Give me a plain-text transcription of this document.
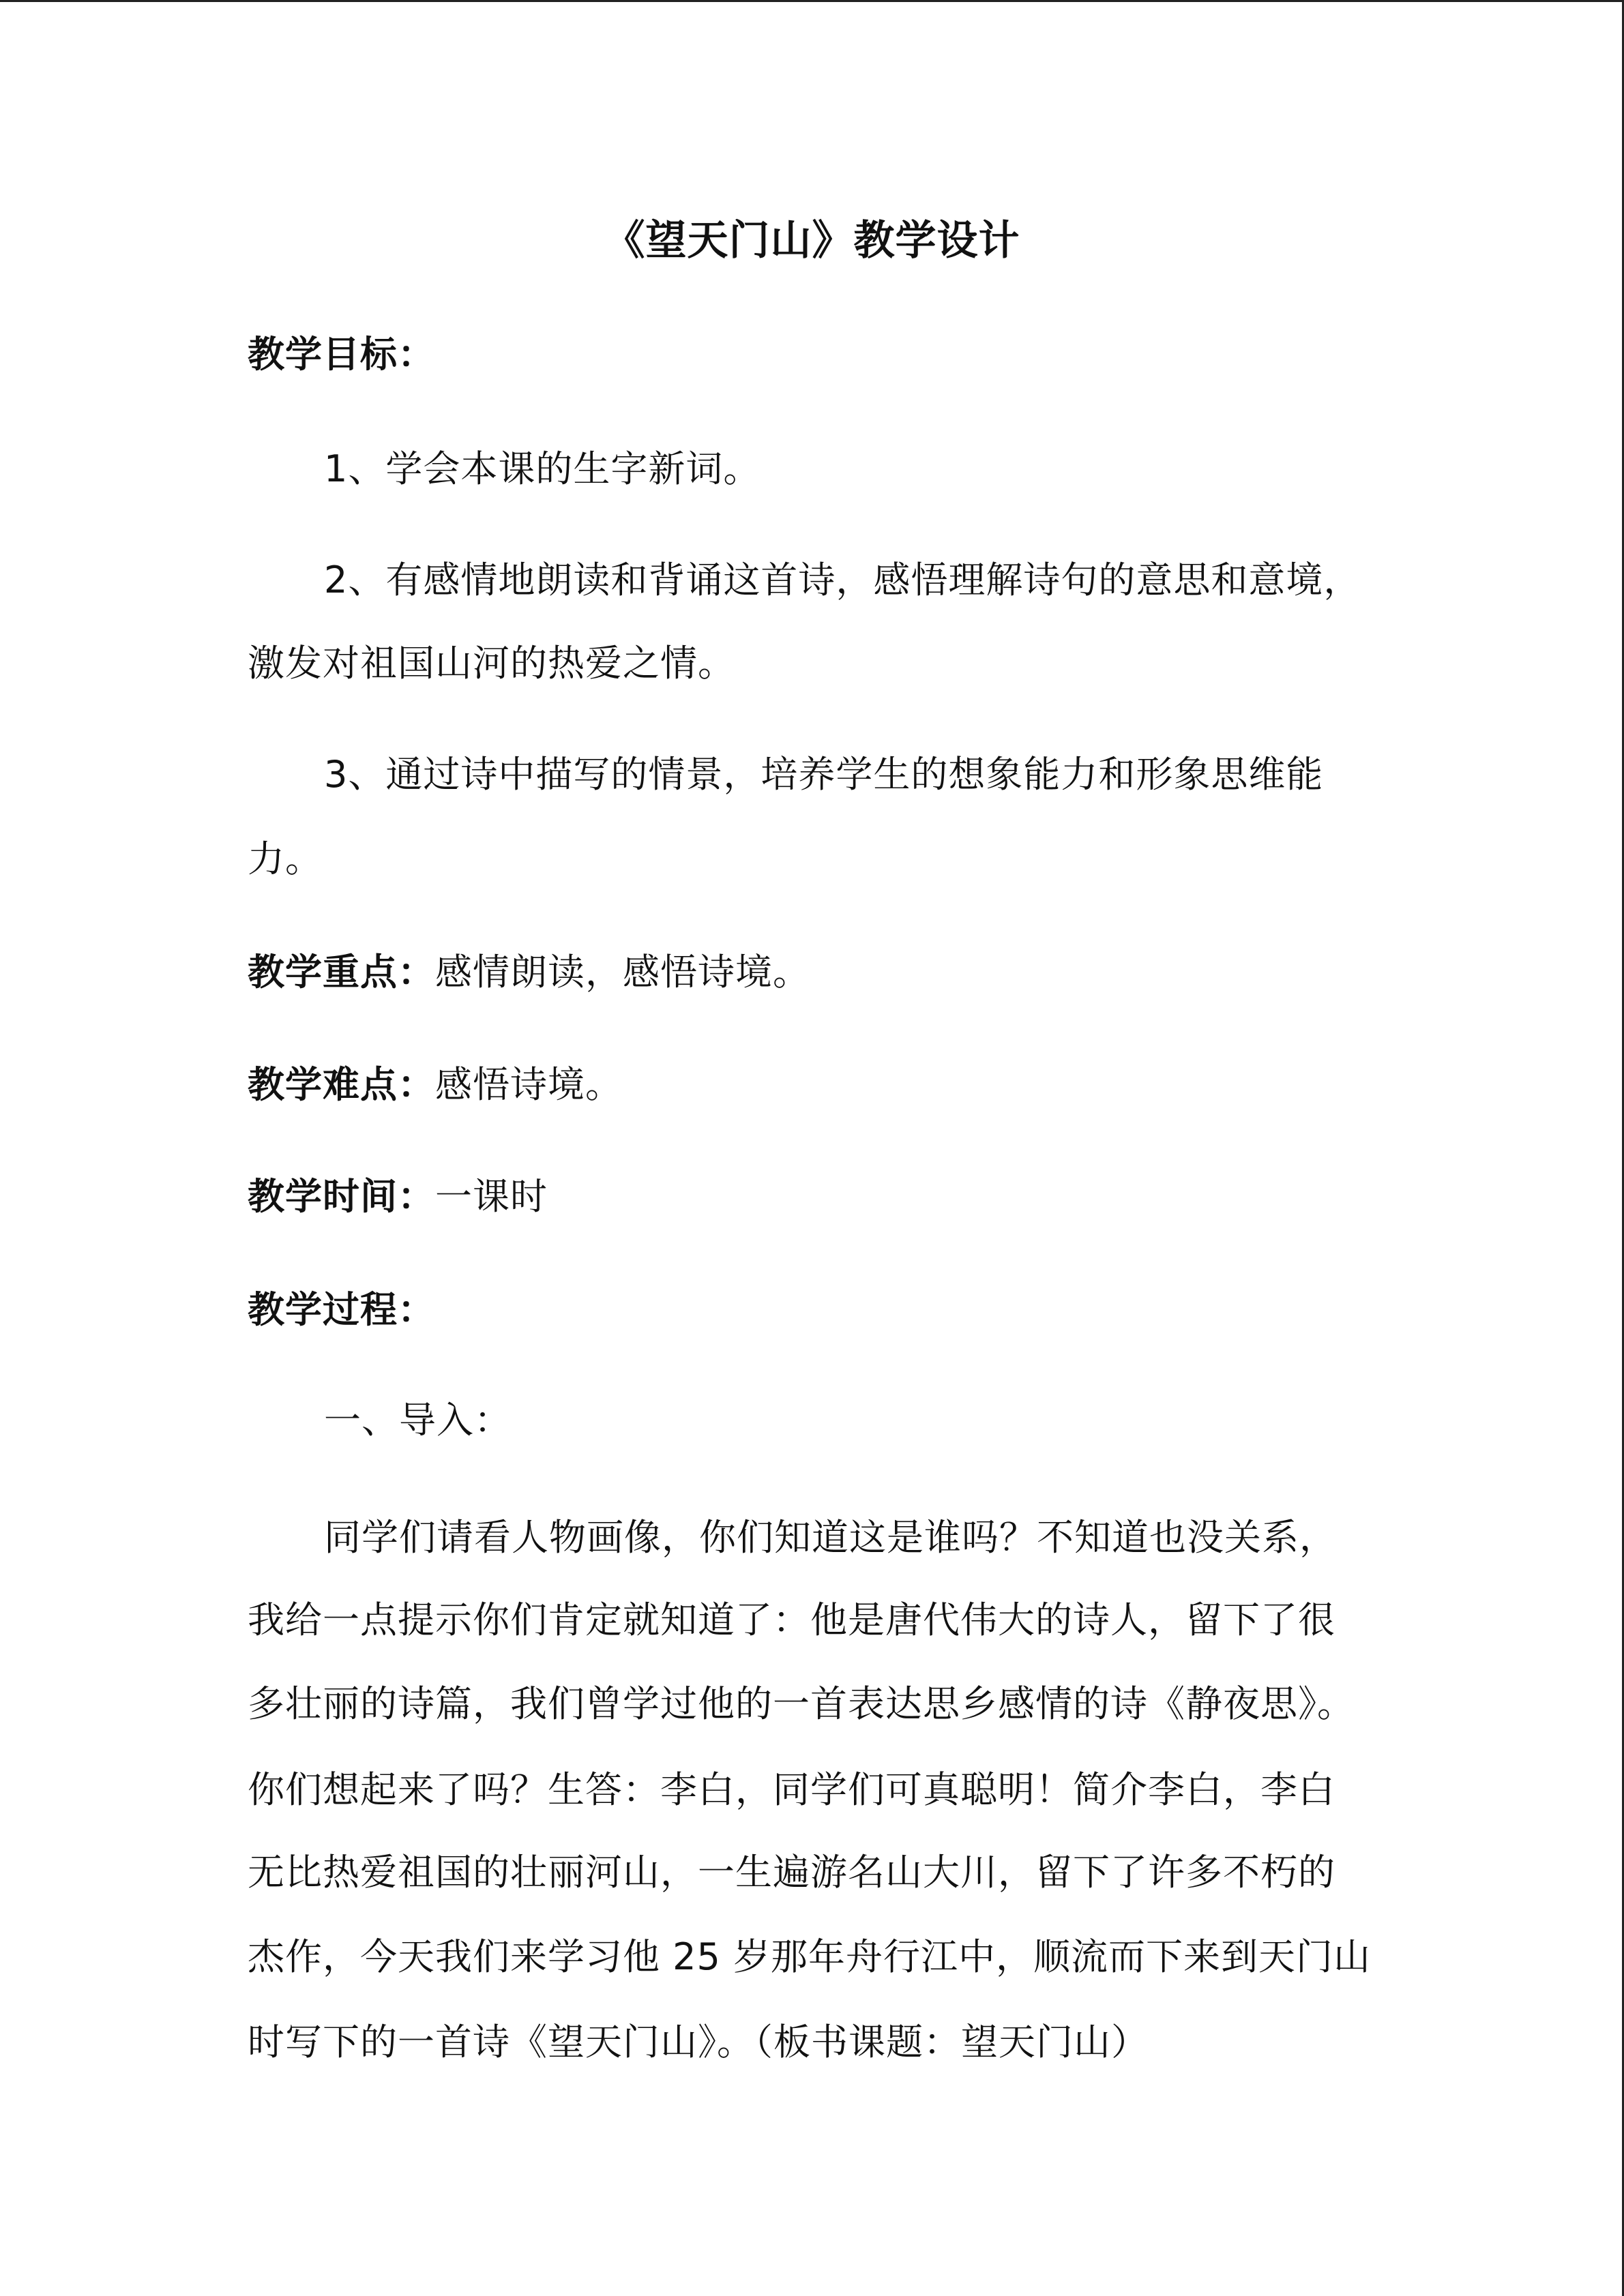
《望天门山》教学设计

教学目标：

1、学会本课的生字新词。

2、有感情地朗读和背诵这首诗，感悟理解诗句的意思和意境，

激发对祖国山河的热爱之情。

3、通过诗中描写的情景，培养学生的想象能力和形象思维能

力。

教学重点：感情朗读，感悟诗境。

教学难点：感悟诗境。

教学时间：一课时

教学过程：

一、导入：

同学们请看人物画像，你们知道这是谁吗？不知道也没关系，

我给一点提示你们肯定就知道了：他是唐代伟大的诗人，留下了很

多壮丽的诗篇，我们曾学过他的一首表达思乡感情的诗《静夜思》。

你们想起来了吗？生答：李白，同学们可真聪明！简介李白，李白

无比热爱祖国的壮丽河山，一生遍游名山大川，留下了许多不朽的

杰作，今天我们来学习他 25 岁那年舟行江中，顺流而下来到天门山

时写下的一首诗《望天门山》。（板书课题：望天门山）
